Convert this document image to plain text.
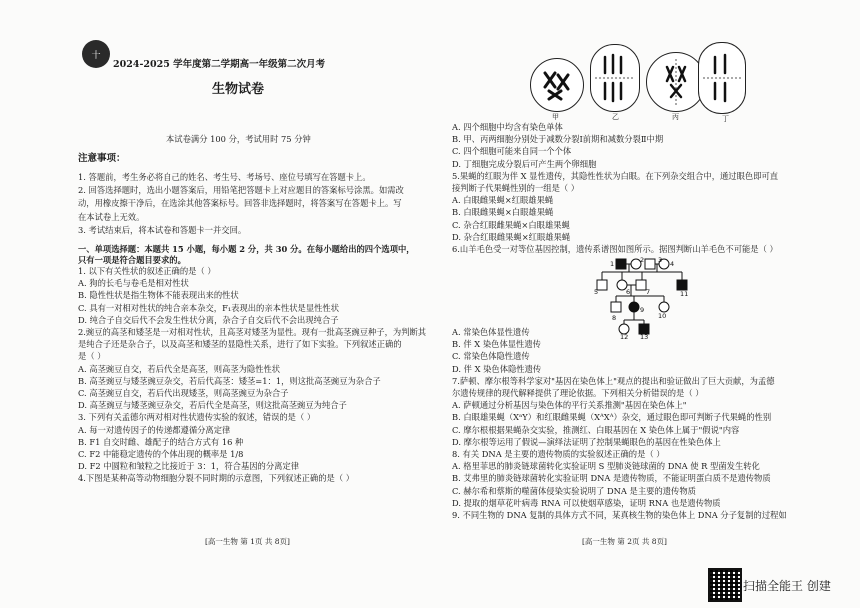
十
2024-2025 学年度第二学期高一年级第二次月考
生物试卷
本试卷满分 100 分，考试用时 75 分钟
注意事项：
1. 答题前，考生务必将自己的姓名、考生号、考场号、座位号填写在答题卡上。
2. 回答选择题时，选出小题答案后，用铅笔把答题卡上对应题目的答案标号涂黑。如需改
动，用橡皮擦干净后，在选涂其他答案标号。回答非选择题时，将答案写在答题卡上。写
在本试卷上无效。
3. 考试结束后，将本试卷和答题卡一并交回。
一、单项选择题：本题共 15 小题，每小题 2 分，共 30 分。在每小题给出的四个选项中，
只有一项是符合题目要求的。
1. 以下有关性状的叙述正确的是（ ）
A. 狗的长毛与卷毛是相对性状
B. 隐性性状是指生物体不能表现出来的性状
C. 具有一对相对性状的纯合亲本杂交，F₁表现出的亲本性状是显性性状
D. 纯合子自交后代不会发生性状分离，杂合子自交后代不会出现纯合子
2.豌豆的高茎和矮茎是一对相对性状，且高茎对矮茎为显性。现有一批高茎豌豆种子，为判断其
是纯合子还是杂合子，以及高茎和矮茎的显隐性关系，进行了如下实验。下列叙述正确的
是（ ）
A. 高茎豌豆自交，若后代全是高茎，则高茎为隐性性状
B. 高茎豌豆与矮茎豌豆杂交，若后代高茎：矮茎=1：1，则这批高茎豌豆为杂合子
C. 高茎豌豆自交，若后代出现矮茎，则高茎豌豆为杂合子
D. 高茎豌豆与矮茎豌豆杂交，若后代全是高茎，则这批高茎豌豆为纯合子
3. 下列有关孟德尔两对相对性状遗传实验的叙述，错误的是（ ）
A. 每一对遗传因子的传递都遵循分离定律
B. F1 自交时雌、雄配子的结合方式有 16 种
C. F2 中能稳定遗传的个体出现的概率是 1/8
D. F2 中圆粒和皱粒之比接近于 3：1，符合基因的分离定律
4.下图是某种高等动物细胞分裂不同时期的示意图，下列叙述正确的是（ ）
[高一生物 第 1页 共 8页]
甲	乙	丙	丁
A. 四个细胞中均含有染色单体
B. 甲、丙两细胞分别处于减数分裂Ⅰ前期和减数分裂Ⅱ中期
C. 四个细胞可能来自同一个个体
D. 丁细胞完成分裂后可产生两个卵细胞
5.果蝇的红眼为伴 X 显性遗传，其隐性性状为白眼。在下列杂交组合中，通过眼色即可直
接判断子代果蝇性别的一组是（ ）
A. 白眼雌果蝇×红眼雄果蝇
B. 白眼雌果蝇×白眼雄果蝇
C. 杂合红眼雌果蝇×白眼雄果蝇
D. 杂合红眼雌果蝇×红眼雄果蝇
6.山羊毛色受一对等位基因控制，遗传系谱图如图所示。据图判断山羊毛色不可能是（ ）
1	2 3 4
5	6 7
8
9
10
11
12 13
A. 常染色体显性遗传
B. 伴 X 染色体显性遗传
C. 常染色体隐性遗传
D. 伴 X 染色体隐性遗传
7.萨顿、摩尔根等科学家对"基因在染色体上"观点的提出和验证做出了巨大贡献，为孟德
尔遗传规律的现代解释提供了理论依据。下列相关分析错误的是（ ）
A. 萨顿通过分析基因与染色体的平行关系推测"基因在染色体上"
B. 白眼雄果蝇（XᵃY）和红眼雌果蝇（XᴬXᴬ）杂交，通过眼色即可判断子代果蝇的性别
C. 摩尔根根据果蝇杂交实验，推测红、白眼基因在 X 染色体上属于"假说"内容
D. 摩尔根等运用了假说—演绎法证明了控制果蝇眼色的基因在性染色体上
8. 有关 DNA 是主要的遗传物质的实验叙述正确的是（ ）
A. 格里菲思的肺炎链球菌转化实验证明 S 型肺炎链球菌的 DNA 使 R 型菌发生转化
B. 艾弗里的肺炎链球菌转化实验证明 DNA 是遗传物质，不能证明蛋白质不是遗传物质
C. 赫尔希和蔡斯的噬菌体侵染实验说明了 DNA 是主要的遗传物质
D. 提取的烟草花叶病毒 RNA 可以使烟草感染，证明 RNA 也是遗传物质
9. 不同生物的 DNA 复制的具体方式不同，某真核生物的染色体上 DNA 分子复制的过程如
[高一生物 第 2页 共 8页]
扫描全能王 创建
